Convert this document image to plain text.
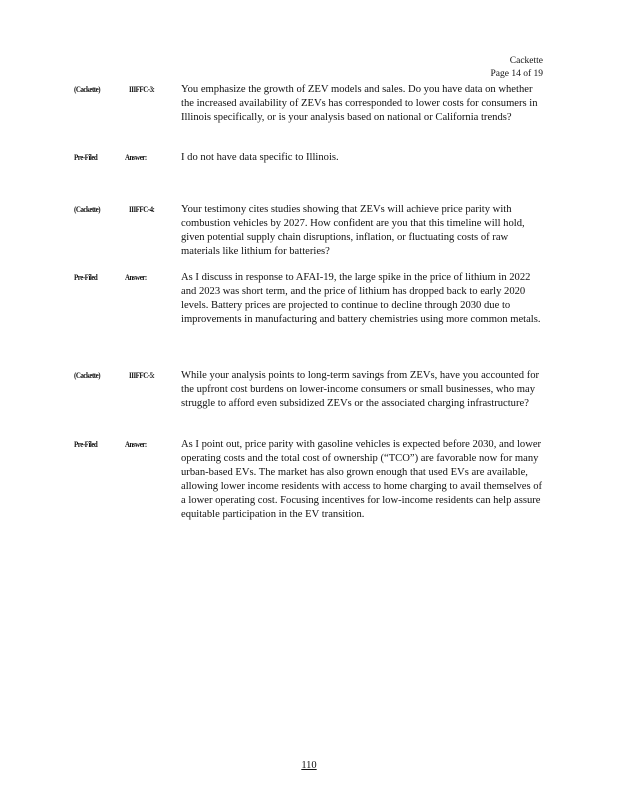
Cackette
Page 14 of 19
(Cackette)	IIIFFC-3:	You emphasize the growth of ZEV models and sales. Do you have data on whether the increased availability of ZEVs has corresponded to lower costs for consumers in Illinois specifically, or is your analysis based on national or California trends?

Pre-Filed	Answer:	I do not have data specific to Illinois.

(Cackette)	IIIFFC-4:	Your testimony cites studies showing that ZEVs will achieve price parity with combustion vehicles by 2027. How confident are you that this timeline will hold, given potential supply chain disruptions, inflation, or fluctuating costs of raw materials like lithium for batteries?

Pre-Filed	Answer:	As I discuss in response to AFAI-19, the large spike in the price of lithium in 2022 and 2023 was short term, and the price of lithium has dropped back to early 2020 levels. Battery prices are projected to continue to decline through 2030 due to improvements in manufacturing and battery chemistries using more common metals.

(Cackette)	IIIFFC-5:	While your analysis points to long-term savings from ZEVs, have you accounted for the upfront cost burdens on lower-income consumers or small businesses, who may struggle to afford even subsidized ZEVs or the associated charging infrastructure?

Pre-Filed	Answer:	As I point out, price parity with gasoline vehicles is expected before 2030, and lower operating costs and the total cost of ownership (“TCO”) are favorable now for many urban-based EVs. The market has also grown enough that used EVs are available, allowing lower income residents with access to home charging to avail themselves of a lower operating cost. Focusing incentives for low-income residents can help assure equitable participation in the EV transition.

110
